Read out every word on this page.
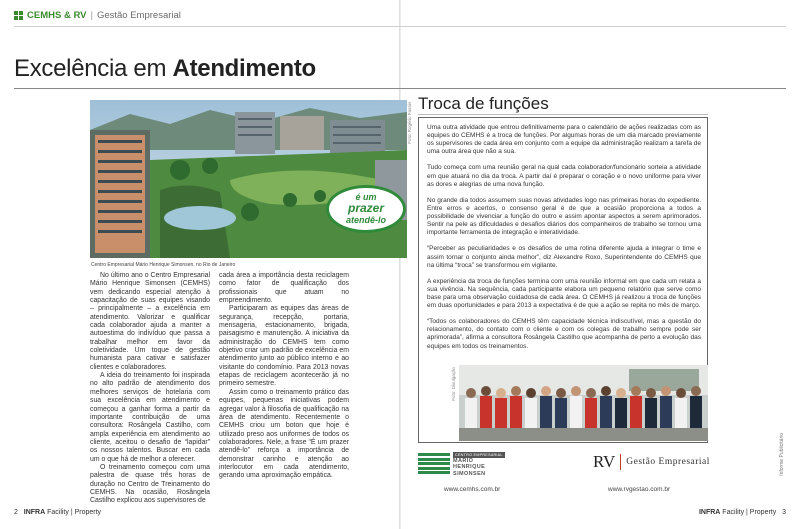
CEMHS & RV | Gestão Empresarial
Excelência em Atendimento
Foto: Rogério Fassin
Centro Empresarial Mário Henrique Simonsen, no Rio de Janeiro
é um
prazer
atendê-lo

No último ano o Centro Empresarial Mário Henrique Simonsen (CEMHS) vem dedicando especial atenção à capacitação de suas equipes visando – principalmente – a excelência em atendimento. Valorizar e qualificar cada colaborador ajuda a manter a autoestima do indivíduo que passa a trabalhar melhor em favor da coletividade. Um toque de gestão humanista para cativar e satisfazer clientes e colaboradores.

A ideia do treinamento foi inspirada no alto padrão de atendimento dos melhores serviços de hotelaria com sua excelência em atendimento e começou a ganhar forma a partir da importante contribuição de uma consultora: Rosângela Castilho, com ampla experiência em atendimento ao cliente, aceitou o desafio de “lapidar” os nossos talentos. Buscar em cada um o que há de melhor a oferecer.

O treinamento começou com uma palestra de quase três horas de duração no Centro de Treinamento do CEMHS. Na ocasião, Rosângela Castilho explicou aos supervisores de

cada área a importância desta reciclagem como fator de qualificação dos profissionais que atuam no empreendimento.

Participaram as equipes das áreas de segurança, recepção, portaria, mensageria, estacionamento, brigada, paisagismo e manutenção. A iniciativa da administração do CEMHS tem como objetivo criar um padrão de excelência em atendimento junto ao público interno e ao visitante do condomínio. Para 2013 novas etapas de reciclagem acontecerão já no primeiro semestre.

Assim como o treinamento prático das equipes, pequenas iniciativas podem agregar valor à filosofia de qualificação na área de atendimento. Recentemente o CEMHS criou um boton que hoje é utilizado preso aos uniformes de todos os colaboradores. Nele, a frase “É um prazer atendê-lo” reforça a importância de demonstrar carinho e atenção ao interlocutor em cada atendimento, gerando uma aproximação empática.

2 INFRA Facility | Property
Troca de funções

Uma outra atividade que entrou definitivamente para o calendário de ações realizadas com as equipes do CEMHS é a troca de funções. Por algumas horas de um dia marcado previamente os supervisores de cada área em conjunto com a equipe da administração realizam a tarefa de uma outra área que não a sua.

Tudo começa com uma reunião geral na qual cada colaborador/funcionário sorteia a atividade em que atuará no dia da troca. A partir daí é preparar o coração e o novo uniforme para viver as dores e alegrias de uma nova função.

No grande dia todos assumem suas novas atividades logo nas primeiras horas do expediente. Entre erros e acertos, o consenso geral é de que a ocasião proporciona a todos a possibilidade de vivenciar a função do outro e assim apontar aspectos a serem aprimorados. Sentir na pele as dificuldades e desafios diários dos companheiros de trabalho se tornou uma importante ferramenta de integração e interatividade.

“Perceber as peculiaridades e os desafios de uma rotina diferente ajuda a integrar o time e assim tornar o conjunto ainda melhor”, diz Alexandre Roxo, Superintendente do CEMHS que na última “troca” se transformou em vigilante.

A experiência da troca de funções termina com uma reunião informal em que cada um relata a sua vivência. Na sequência, cada participante elabora um pequeno relatório que serve como base para uma observação cuidadosa de cada área. O CEMHS já realizou a troca de funções em duas oportunidades e para 2013 a expectativa é de que a ação se repita no mês de março.

“Todos os colaboradores do CEMHS têm capacidade técnica indiscutível, mas a questão do relacionamento, do contato com o cliente e com os colegas de trabalho sempre pode ser aprimorada”, afirma a consultora Rosângela Castilho que acompanha de perto a evolução das equipes em todos os treinamentos.

Foto: Divulgação
CENTRO EMPRESARIAL
MÁRIO
HENRIQUE
SIMONSEN
RV Gestão Empresarial
www.cemhs.com.br	www.rvgestao.com.br
Informe Publicitário
INFRA Facility | Property 3
